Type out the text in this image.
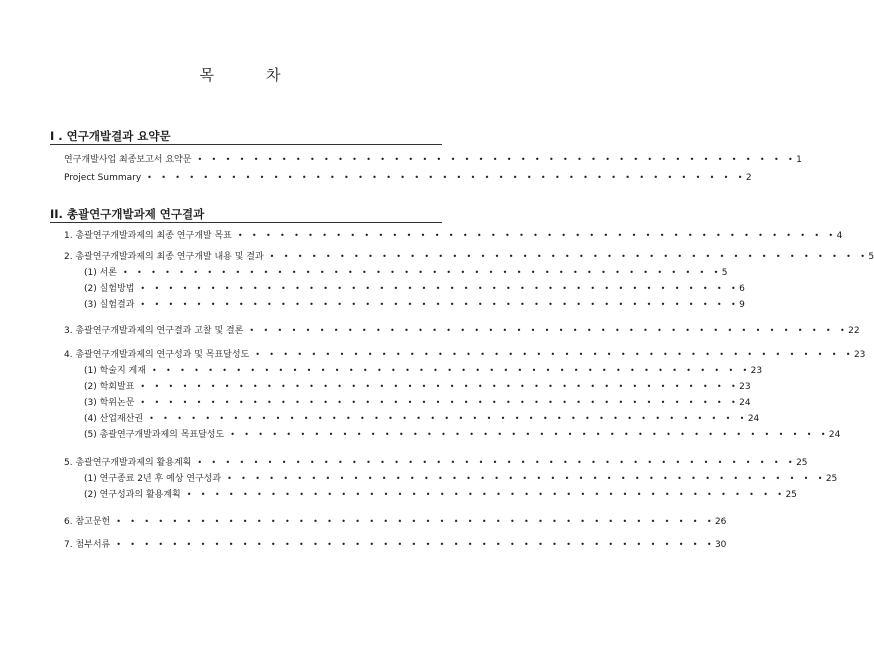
목	차
I . 연구개발결과 요약문
연구개발사업 최종보고서 요약문 • • • • • • • • • • • • • • • • • • • • • • • • • • • • • • • • • • • • • • • • • • • 1
Project Summary • • • • • • • • • • • • • • • • • • • • • • • • • • • • • • • • • • • • • • • • • • • 2
II. 총괄연구개발과제 연구결과
1. 총괄연구개발과제의 최종 연구개발 목표 • • • • • • • • • • • • • • • • • • • • • • • • • • • • • • • • • • • • • • • • • • • 4
2. 총괄연구개발과제의 최종 연구개발 내용 및 결과 • • • • • • • • • • • • • • • • • • • • • • • • • • • • • • • • • • • • • • • • • • • 5
(1) 서론 • • • • • • • • • • • • • • • • • • • • • • • • • • • • • • • • • • • • • • • • • • • 5
(2) 실험방법 • • • • • • • • • • • • • • • • • • • • • • • • • • • • • • • • • • • • • • • • • • • 6
(3) 실험결과 • • • • • • • • • • • • • • • • • • • • • • • • • • • • • • • • • • • • • • • • • • • 9
3. 총괄연구개발과제의 연구결과 고찰 및 결론 • • • • • • • • • • • • • • • • • • • • • • • • • • • • • • • • • • • • • • • • • • • 22
4. 총괄연구개발과제의 연구성과 및 목표달성도 • • • • • • • • • • • • • • • • • • • • • • • • • • • • • • • • • • • • • • • • • • • 23
(1) 학술지 게재 • • • • • • • • • • • • • • • • • • • • • • • • • • • • • • • • • • • • • • • • • • • 23
(2) 학회발표 • • • • • • • • • • • • • • • • • • • • • • • • • • • • • • • • • • • • • • • • • • • 23
(3) 학위논문 • • • • • • • • • • • • • • • • • • • • • • • • • • • • • • • • • • • • • • • • • • • 24
(4) 산업재산권 • • • • • • • • • • • • • • • • • • • • • • • • • • • • • • • • • • • • • • • • • • • 24
(5) 총괄연구개발과제의 목표달성도 • • • • • • • • • • • • • • • • • • • • • • • • • • • • • • • • • • • • • • • • • • • 24
5. 총괄연구개발과제의 활용계획 • • • • • • • • • • • • • • • • • • • • • • • • • • • • • • • • • • • • • • • • • • • 25
(1) 연구종료 2년 후 예상 연구성과 • • • • • • • • • • • • • • • • • • • • • • • • • • • • • • • • • • • • • • • • • • • 25
(2) 연구성과의 활용계획 • • • • • • • • • • • • • • • • • • • • • • • • • • • • • • • • • • • • • • • • • • • 25
6. 참고문헌 • • • • • • • • • • • • • • • • • • • • • • • • • • • • • • • • • • • • • • • • • • • 26
7. 첨부서류 • • • • • • • • • • • • • • • • • • • • • • • • • • • • • • • • • • • • • • • • • • • 30
